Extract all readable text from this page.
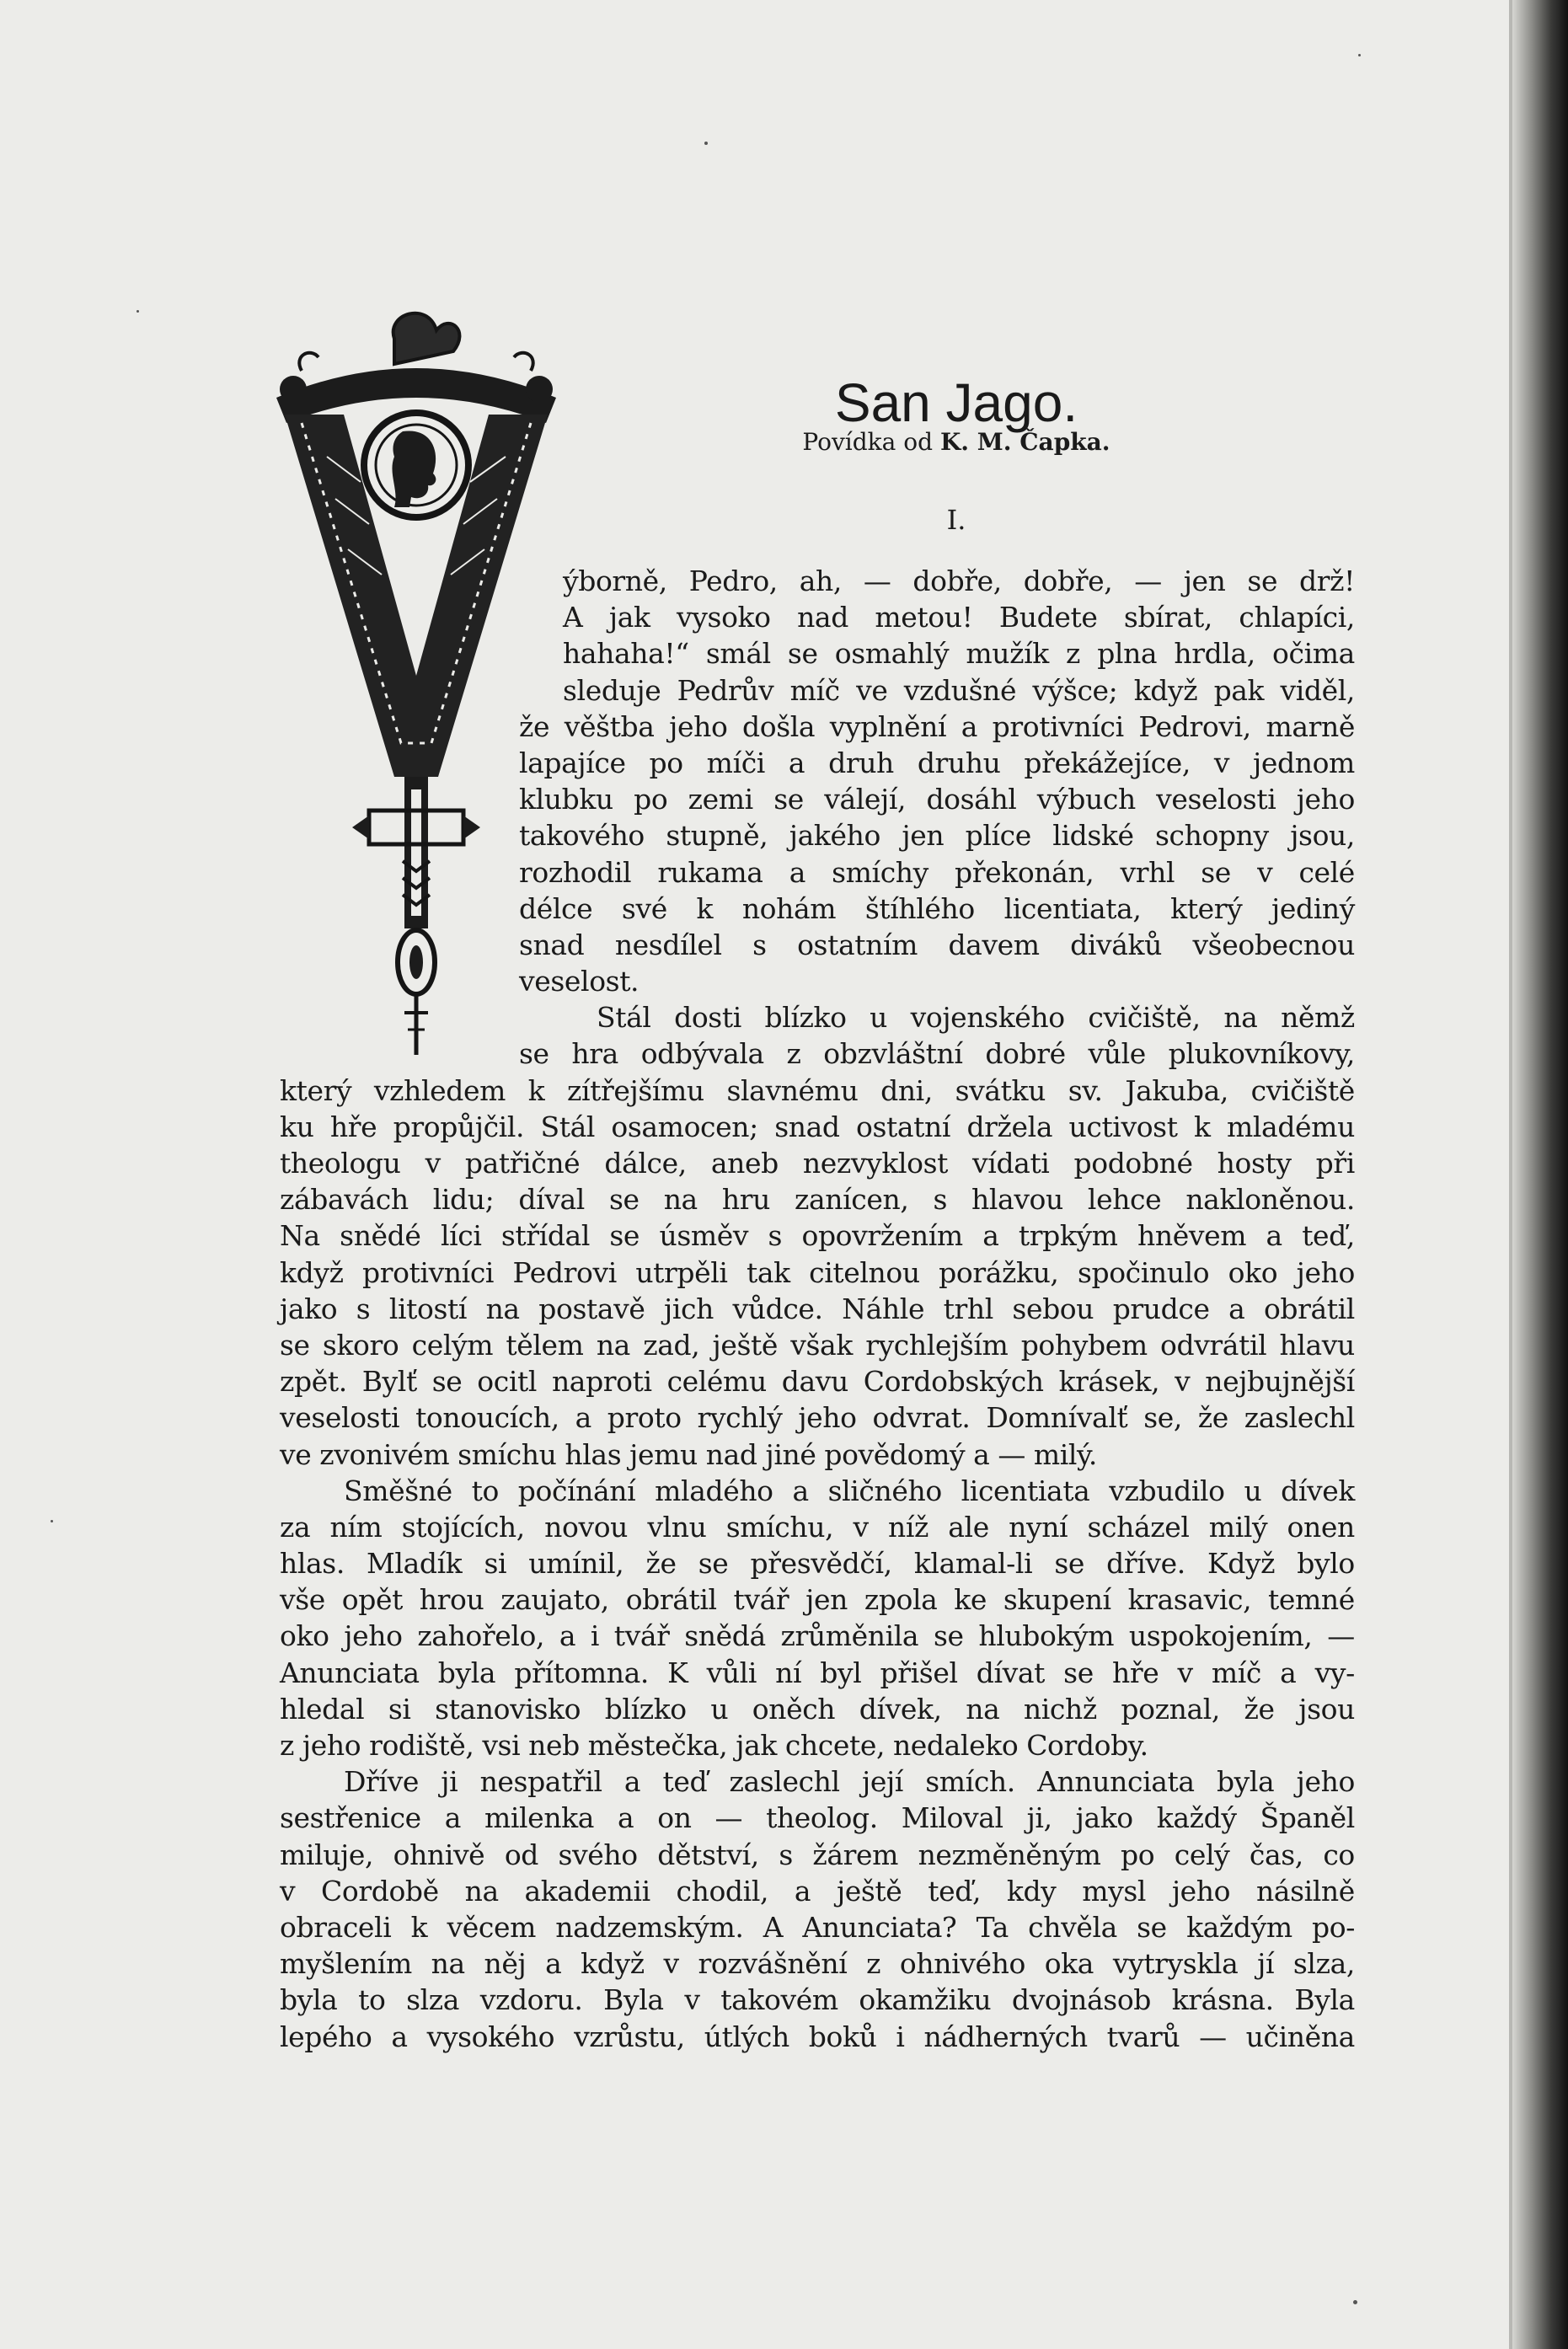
San Jago.
Povídka od K. M. Čapka.
I.
ýborně, Pedro, ah, — dobře, dobře, — jen se drž!
A jak vysoko nad metou! Budete sbírat, chlapíci,
hahaha!“ smál se osmahlý mužík z plna hrdla, očima
sleduje Pedrův míč ve vzdušné výšce; když pak viděl,
že věštba jeho došla vyplnění a protivníci Pedrovi, marně
lapajíce po míči a druh druhu překážejíce, v jednom
klubku po zemi se válejí, dosáhl výbuch veselosti jeho
takového stupně, jakého jen plíce lidské schopny jsou,
rozhodil rukama a smíchy překonán, vrhl se v celé
délce své k nohám štíhlého licentiata, který jediný
snad nesdílel s ostatním davem diváků všeobecnou
veselost.
Stál dosti blízko u vojenského cvičiště, na němž
se hra odbývala z obzvláštní dobré vůle plukovníkovy,
který vzhledem k zítřejšímu slavnému dni, svátku sv. Jakuba, cvičiště
ku hře propůjčil. Stál osamocen; snad ostatní držela uctivost k mladému
theologu v patřičné dálce, aneb nezvyklost vídati podobné hosty při
zábavách lidu; díval se na hru zanícen, s hlavou lehce nakloněnou.
Na snědé líci střídal se úsměv s opovržením a trpkým hněvem a teď,
když protivníci Pedrovi utrpěli tak citelnou porážku, spočinulo oko jeho
jako s litostí na postavě jich vůdce. Náhle trhl sebou prudce a obrátil
se skoro celým tělem na zad, ještě však rychlejším pohybem odvrátil hlavu
zpět. Bylť se ocitl naproti celému davu Cordobských krásek, v nejbujnější
veselosti tonoucích, a proto rychlý jeho odvrat. Domnívalť se, že zaslechl
ve zvonivém smíchu hlas jemu nad jiné povědomý a — milý.
Směšné to počínání mladého a sličného licentiata vzbudilo u dívek
za ním stojících, novou vlnu smíchu, v níž ale nyní scházel milý onen
hlas. Mladík si umínil, že se přesvědčí, klamal-li se dříve. Když bylo
vše opět hrou zaujato, obrátil tvář jen zpola ke skupení krasavic, temné
oko jeho zahořelo, a i tvář snědá zrůměnila se hlubokým uspokojením, —
Anunciata byla přítomna. K vůli ní byl přišel dívat se hře v míč a vy-
hledal si stanovisko blízko u oněch dívek, na nichž poznal, že jsou
z jeho rodiště, vsi neb městečka, jak chcete, nedaleko Cordoby.
Dříve ji nespatřil a teď zaslechl její smích. Annunciata byla jeho
sestřenice a milenka a on — theolog. Miloval ji, jako každý Španěl
miluje, ohnivě od svého dětství, s žárem nezměněným po celý čas, co
v Cordobě na akademii chodil, a ještě teď, kdy mysl jeho násilně
obraceli k věcem nadzemským. A Anunciata? Ta chvěla se každým po-
myšlením na něj a když v rozvášnění z ohnivého oka vytryskla jí slza,
byla to slza vzdoru. Byla v takovém okamžiku dvojnásob krásna. Byla
lepého a vysokého vzrůstu, útlých boků i nádherných tvarů — učiněna
